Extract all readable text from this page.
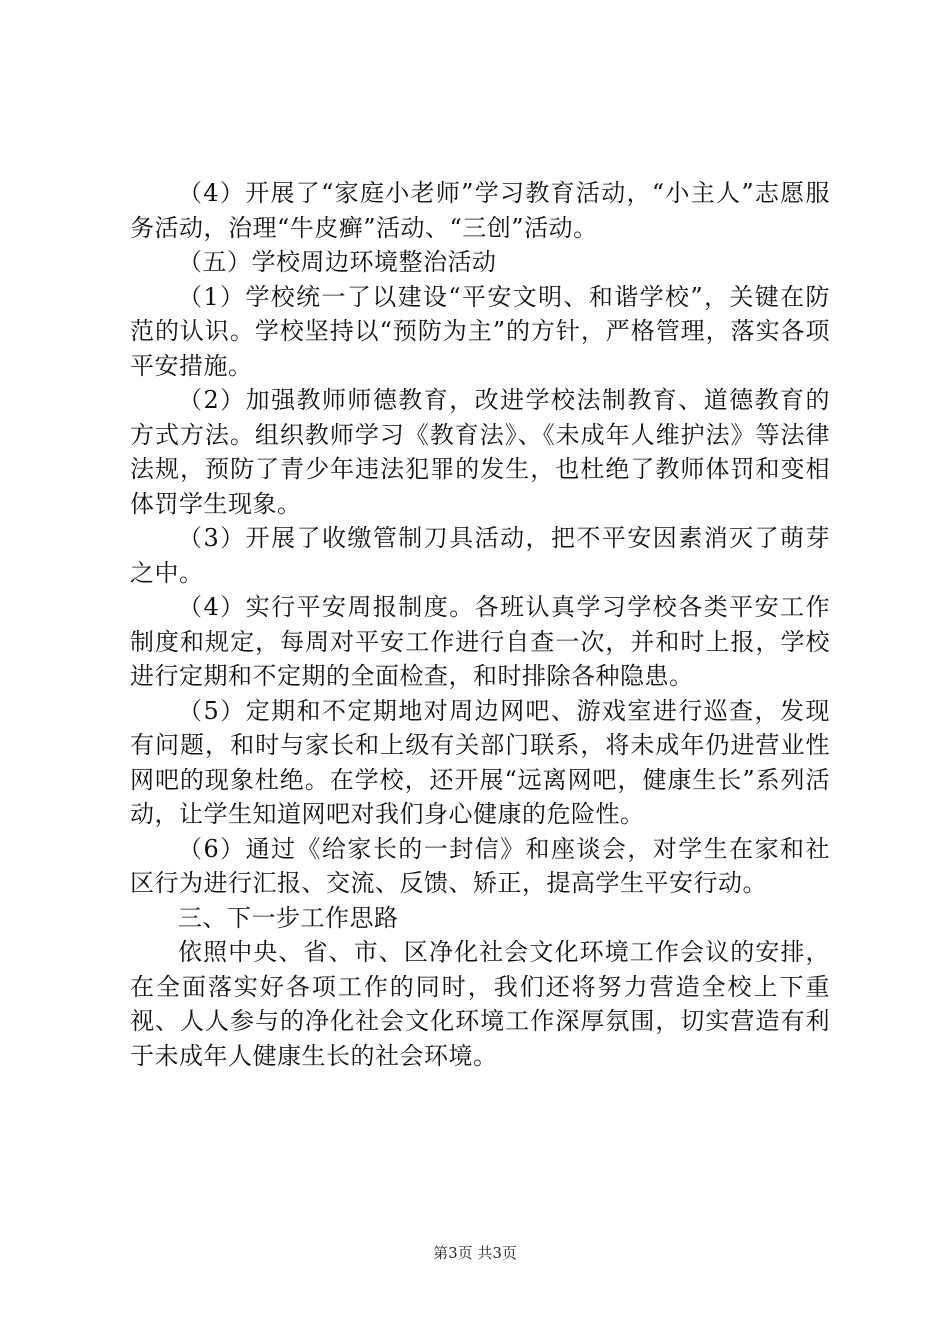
（4）开展了“家庭小老师”学习教育活动，“小主人”志愿服务活动，治理“牛皮癣”活动、“三创”活动。

（五）学校周边环境整治活动

（1）学校统一了以建设“平安文明、和谐学校”，关键在防范的认识。学校坚持以“预防为主”的方针，严格管理，落实各项平安措施。

（2）加强教师师德教育，改进学校法制教育、道德教育的方式方法。组织教师学习《教育法》、《未成年人维护法》等法律法规，预防了青少年违法犯罪的发生，也杜绝了教师体罚和变相体罚学生现象。

（3）开展了收缴管制刀具活动，把不平安因素消灭了萌芽之中。

（4）实行平安周报制度。各班认真学习学校各类平安工作制度和规定，每周对平安工作进行自查一次，并和时上报，学校进行定期和不定期的全面检查，和时排除各种隐患。

（5）定期和不定期地对周边网吧、游戏室进行巡查，发现有问题，和时与家长和上级有关部门联系，将未成年仍进营业性网吧的现象杜绝。在学校，还开展“远离网吧，健康生长”系列活动，让学生知道网吧对我们身心健康的危险性。

（6）通过《给家长的一封信》和座谈会，对学生在家和社区行为进行汇报、交流、反馈、矫正，提高学生平安行动。

三、下一步工作思路

依照中央、省、市、区净化社会文化环境工作会议的安排，在全面落实好各项工作的同时，我们还将努力营造全校上下重视、人人参与的净化社会文化环境工作深厚氛围，切实营造有利于未成年人健康生长的社会环境。

第3页 共3页
